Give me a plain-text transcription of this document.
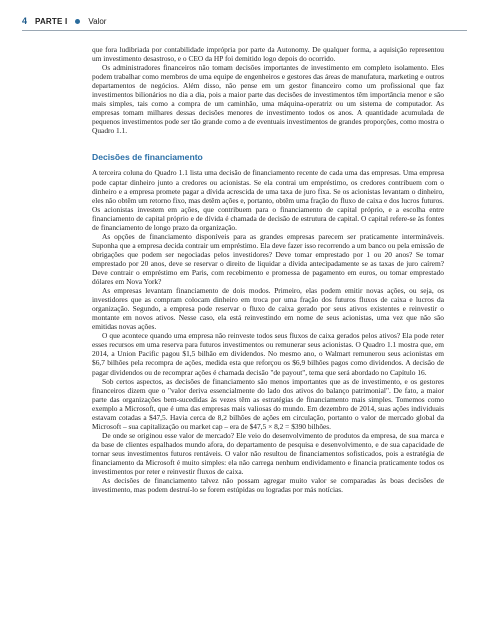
4 PARTE I	Valor

que fora ludibriada por contabilidade imprópria por parte da Autonomy. De qualquer forma, a aquisição representou um investimento desastroso, e o CEO da HP foi demitido logo depois do ocorrido.

Os administradores financeiros não tomam decisões importantes de investimento em completo isolamento. Eles podem trabalhar como membros de uma equipe de engenheiros e gestores das áreas de manufatura, marketing e outros departamentos de negócios. Além disso, não pense em um gestor financeiro como um profissional que faz investimentos bilionários no dia a dia, pois a maior parte das decisões de investimentos têm importância menor e são mais simples, tais como a compra de um caminhão, uma máquina-operatriz ou um sistema de computador. As empresas tomam milhares dessas decisões menores de investimento todos os anos. A quantidade acumulada de pequenos investimentos pode ser tão grande como a de eventuais investimentos de grandes proporções, como mostra o Quadro 1.1.

Decisões de financiamento

A terceira coluna do Quadro 1.1 lista uma decisão de financiamento recente de cada uma das empresas. Uma empresa pode captar dinheiro junto a credores ou acionistas. Se ela contrai um empréstimo, os credores contribuem com o dinheiro e a empresa promete pagar a dívida acrescida de uma taxa de juro fixa. Se os acionistas levantam o dinheiro, eles não obtêm um retorno fixo, mas detêm ações e, portanto, obtêm uma fração do fluxo de caixa e dos lucros futuros. Os acionistas investem em ações, que contribuem para o financiamento de capital próprio, e a escolha entre financiamento de capital próprio e de dívida é chamada de decisão de estrutura de capital. O capital refere-se às fontes de financiamento de longo prazo da organização.

As opções de financiamento disponíveis para as grandes empresas parecem ser praticamente intermináveis. Suponha que a empresa decida contrair um empréstimo. Ela deve fazer isso recorrendo a um banco ou pela emissão de obrigações que podem ser negociadas pelos investidores? Deve tomar emprestado por 1 ou 20 anos? Se tomar emprestado por 20 anos, deve se reservar o direito de liquidar a dívida antecipadamente se as taxas de juro caírem? Deve contrair o empréstimo em Paris, com recebimento e promessa de pagamento em euros, ou tomar emprestado dólares em Nova York?

As empresas levantam financiamento de dois modos. Primeiro, elas podem emitir novas ações, ou seja, os investidores que as compram colocam dinheiro em troca por uma fração dos futuros fluxos de caixa e lucros da organização. Segundo, a empresa pode reservar o fluxo de caixa gerado por seus ativos existentes e reinvestir o montante em novos ativos. Nesse caso, ela está reinvestindo em nome de seus acionistas, uma vez que não são emitidas novas ações.

O que acontece quando uma empresa não reinveste todos seus fluxos de caixa gerados pelos ativos? Ela pode reter esses recursos em uma reserva para futuros investimentos ou remunerar seus acionistas. O Quadro 1.1 mostra que, em 2014, a Union Pacific pagou $1,5 bilhão em dividendos. No mesmo ano, o Walmart remunerou seus acionistas em $6,7 bilhões pela recompra de ações, medida esta que reforçou os $6,9 bilhões pagos como dividendos. A decisão de pagar dividendos ou de recomprar ações é chamada decisão "de payout", tema que será abordado no Capítulo 16.

Sob certos aspectos, as decisões de financiamento são menos importantes que as de investimento, e os gestores financeiros dizem que o "valor deriva essencialmente do lado dos ativos do balanço patrimonial". De fato, a maior parte das organizações bem-sucedidas às vezes têm as estratégias de financiamento mais simples. Tomemos como exemplo a Microsoft, que é uma das empresas mais valiosas do mundo. Em dezembro de 2014, suas ações individuais estavam cotadas a $47,5. Havia cerca de 8,2 bilhões de ações em circulação, portanto o valor de mercado global da Microsoft – sua capitalização ou market cap – era de $47,5 × 8,2 = $390 bilhões.

De onde se originou esse valor de mercado? Ele veio do desenvolvimento de produtos da empresa, de sua marca e da base de clientes espalhados mundo afora, do departamento de pesquisa e desenvolvimento, e de sua capacidade de tornar seus investimentos futuros rentáveis. O valor não resultou de financiamentos sofisticados, pois a estratégia de financiamento da Microsoft é muito simples: ela não carrega nenhum endividamento e financia praticamente todos os investimentos por reter e reinvestir fluxos de caixa.

As decisões de financiamento talvez não possam agregar muito valor se comparadas às boas decisões de investimento, mas podem destruí-lo se forem estúpidas ou logradas por más notícias.
